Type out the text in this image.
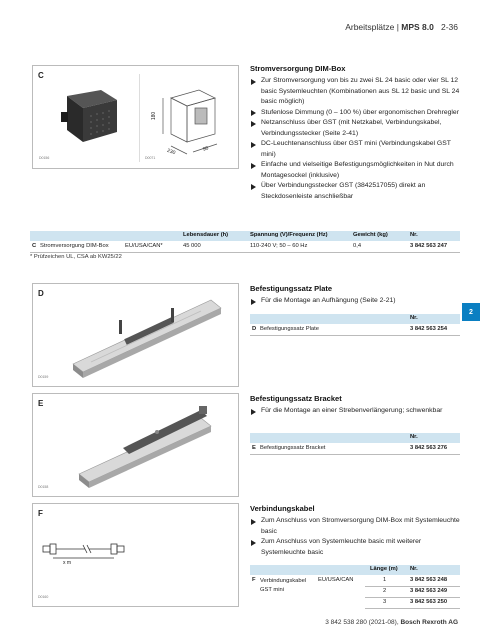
Arbeitsplätze | MPS 8.0 2-36
2
C
D0156
180
230	90
D0071
Stromversorgung DIM-Box
Zur Stromversorgung von bis zu zwei SL 24 basic oder vier SL 12 basic Systemleuchten (Kombinationen aus SL 12 basic und SL 24 basic möglich)
Stufenlose Dimmung (0 – 100 %) über ergonomischen Drehregler
Netzanschluss über GST (mit Netzkabel, Verbindungskabel, Verbindungsstecker (Seite 2-41)
DC-Leuchtenanschluss über GST mini (Verbindungskabel GST mini)
Einfache und vielseitige Befestigungsmöglichkeiten in Nut durch Montagesockel (inklusive)
Über Verbindungsstecker GST (3842517055) direkt an Steckdosenleiste anschließbar
Lebensdauer (h)	Spannung (V)/Frequenz (Hz)	Gewicht (kg)	Nr.
C Stromversorgung DIM-Box	EU/USA/CAN*	45 000	110-240 V; 50 – 60 Hz	0,4	3 842 563 247
* Prüfzeichen UL, CSA ab KW25/22
D
D0159
Befestigungssatz Plate
Für die Montage an Aufhängung (Seite 2-21)
Nr.
D Befestigungssatz Plate	3 842 563 254
E
D0158
Befestigungssatz Bracket
Für die Montage an einer Strebenverlängerung; schwenkbar
Nr.
E Befestigungssatz Bracket	3 842 563 276
F
x m
D0160
Verbindungskabel
Zum Anschluss von Stromversorgung DIM-Box mit Systemleuchte basic
Zum Anschluss von Systemleuchte basic mit weiterer Systemleuchte basic
Länge (m) Nr.
F Verbindungskabel GST mini
EU/USA/CAN	1	3 842 563 248
2	3 842 563 249
3	3 842 563 250
3 842 538 280 (2021-08), Bosch Rexroth AG
